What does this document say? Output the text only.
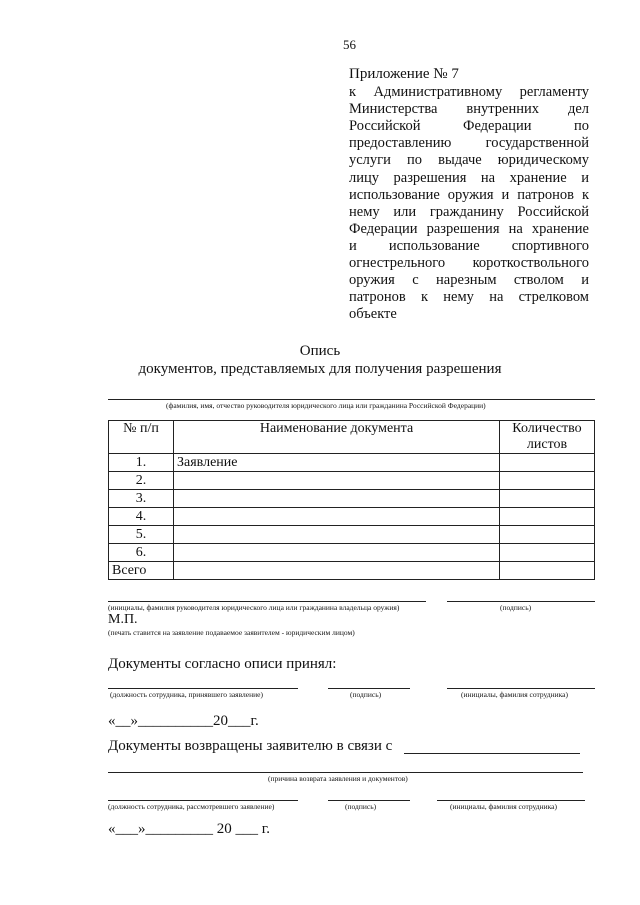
56
Приложение № 7
к Административному регламенту
Министерства внутренних дел
Российской Федерации по
предоставлению государственной
услуги по выдаче юридическому
лицу разрешения на хранение и
использование оружия и патронов к
нему или гражданину Российской
Федерации разрешения на хранение
и использование спортивного
огнестрельного короткоствольного
оружия с нарезным стволом и
патронов к нему на стрелковом
объекте
Опись
документов, представляемых для получения разрешения
(фамилия, имя, отчество руководителя юридического лица или гражданина Российской Федерации)
№ п/п	Наименование документа	Количество листов
1.	Заявление	
2.		
3.		
4.		
5.		
6.		
Всего		
(инициалы, фамилия руководителя юридического лица или гражданина владельца оружия)	(подпись)
М.П.
(печать ставится на заявление подаваемое заявителем - юридическим лицом)
Документы согласно описи принял:
(должность сотрудника, принявшего заявление)	(подпись)	(инициалы, фамилия сотрудника)
«__»__________20___г.
Документы возвращены заявителю в связи с
(причина возврата заявления и документов)
(должность сотрудника, рассмотревшего заявление)	(подпись)	(инициалы, фамилия сотрудника)
«___»_________ 20 ___ г.
